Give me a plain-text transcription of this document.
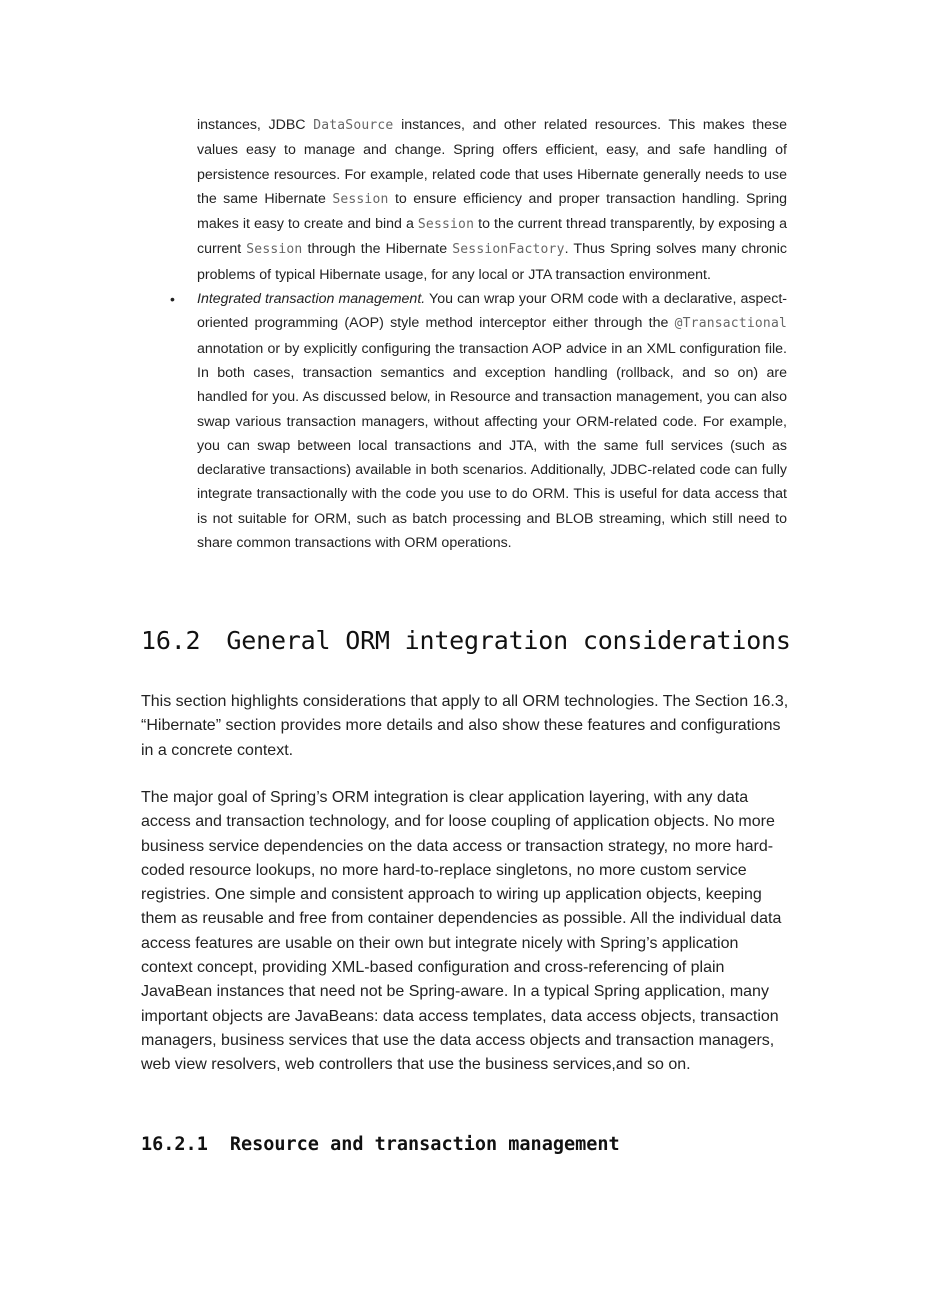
instances, JDBC DataSource instances, and other related resources. This makes these values easy to manage and change. Spring offers efficient, easy, and safe handling of persistence resources. For example, related code that uses Hibernate generally needs to use the same Hibernate Session to ensure efficiency and proper transaction handling. Spring makes it easy to create and bind a Session to the current thread transparently, by exposing a current Session through the Hibernate SessionFactory. Thus Spring solves many chronic problems of typical Hibernate usage, for any local or JTA transaction environment.

• Integrated transaction management. You can wrap your ORM code with a declarative, aspect-oriented programming (AOP) style method interceptor either through the @Transactional annotation or by explicitly configuring the transaction AOP advice in an XML configuration file. In both cases, transaction semantics and exception handling (rollback, and so on) are handled for you. As discussed below, in Resource and transaction management, you can also swap various transaction managers, without affecting your ORM-related code. For example, you can swap between local transactions and JTA, with the same full services (such as declarative transactions) available in both scenarios. Additionally, JDBC-related code can fully integrate transactionally with the code you use to do ORM. This is useful for data access that is not suitable for ORM, such as batch processing and BLOB streaming, which still need to share common transactions with ORM operations.

16.2 General ORM integration considerations

This section highlights considerations that apply to all ORM technologies. The Section 16.3, “Hibernate” section provides more details and also show these features and configurations in a concrete context.

The major goal of Spring’s ORM integration is clear application layering, with any data access and transaction technology, and for loose coupling of application objects. No more business service dependencies on the data access or transaction strategy, no more hard-coded resource lookups, no more hard-to-replace singletons, no more custom service registries. One simple and consistent approach to wiring up application objects, keeping them as reusable and free from container dependencies as possible. All the individual data access features are usable on their own but integrate nicely with Spring’s application context concept, providing XML-based configuration and cross-referencing of plain JavaBean instances that need not be Spring-aware. In a typical Spring application, many important objects are JavaBeans: data access templates, data access objects, transaction managers, business services that use the data access objects and transaction managers, web view resolvers, web controllers that use the business services,and so on.

16.2.1 Resource and transaction management
